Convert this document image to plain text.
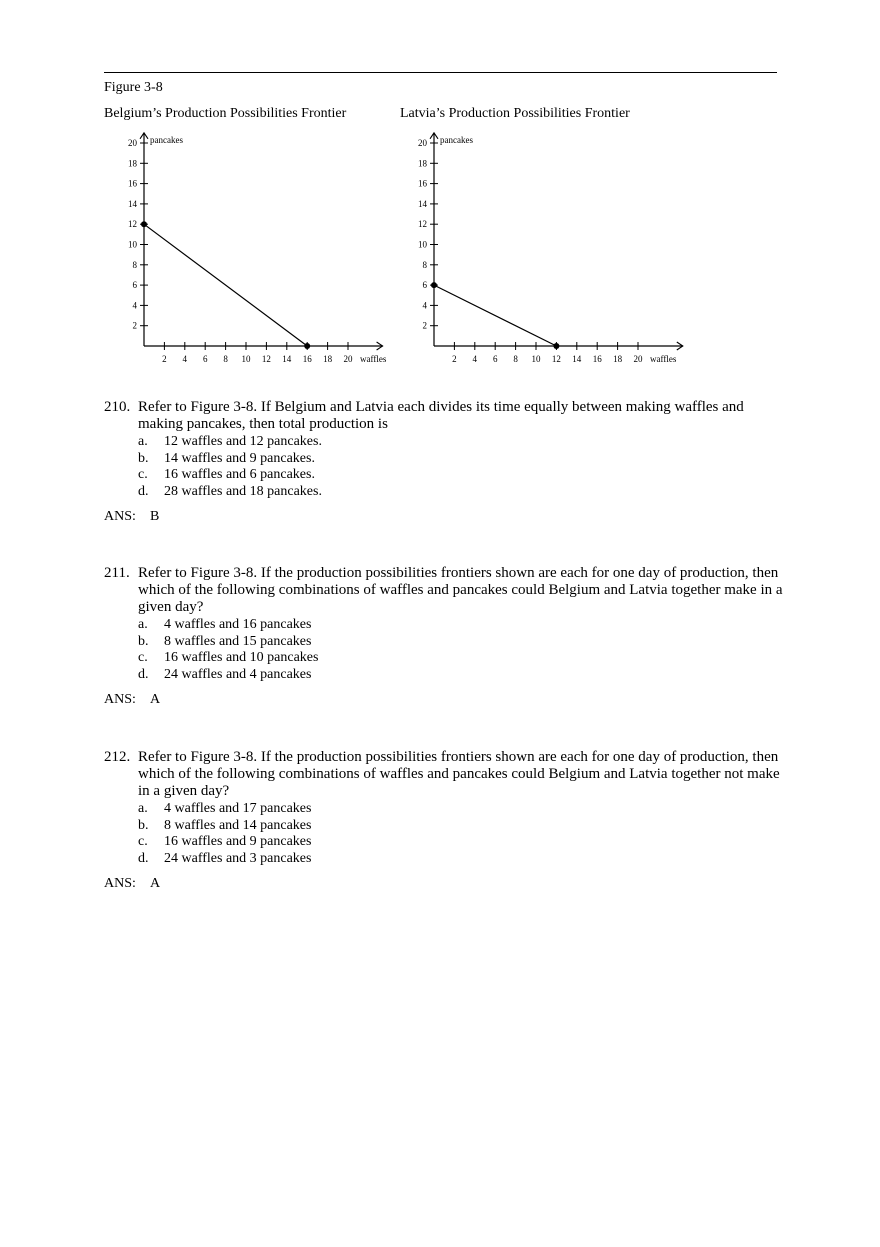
Figure 3-8
Belgium’s Production Possibilities Frontier	Latvia’s Production Possibilities Frontier
2
4
6
8
10
12
14
16
18
20
2 4 6 8 10 12 14 16 18 20
pancakes
waffles
2
4
6
8
10
12
14
16
18
20
2 4 6 8 10 12 14 16 18 20
pancakes
waffles
210. Refer to Figure 3-8. If Belgium and Latvia each divides its time equally between making waffles and making pancakes, then total production is
a. 12 waffles and 12 pancakes.
b. 14 waffles and 9 pancakes.
c. 16 waffles and 6 pancakes.
d. 28 waffles and 18 pancakes.
ANS: B
211. Refer to Figure 3-8. If the production possibilities frontiers shown are each for one day of production, then which of the following combinations of waffles and pancakes could Belgium and Latvia together make in a given day?
a. 4 waffles and 16 pancakes
b. 8 waffles and 15 pancakes
c. 16 waffles and 10 pancakes
d. 24 waffles and 4 pancakes
ANS: A
212. Refer to Figure 3-8. If the production possibilities frontiers shown are each for one day of production, then which of the following combinations of waffles and pancakes could Belgium and Latvia together not make in a given day?
a. 4 waffles and 17 pancakes
b. 8 waffles and 14 pancakes
c. 16 waffles and 9 pancakes
d. 24 waffles and 3 pancakes
ANS: A
